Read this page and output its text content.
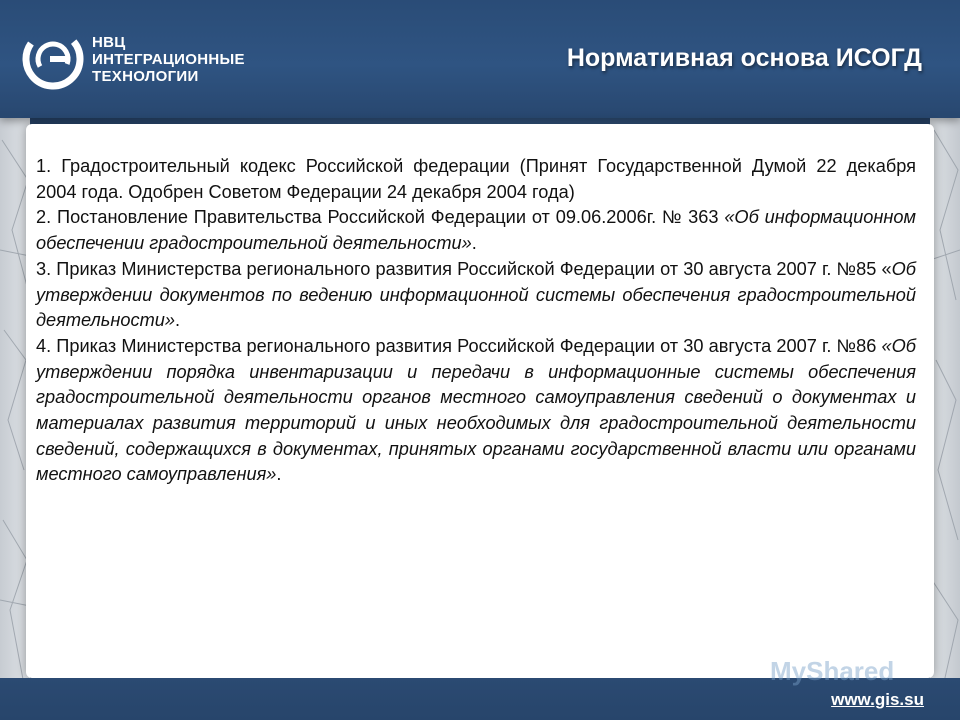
НВЦ
ИНТЕГРАЦИОННЫЕ
ТЕХНОЛОГИИ
Нормативная основа ИСОГД

1. Градостроительный кодекс Российской федерации (Принят Государственной Думой 22 декабря 2004 года. Одобрен Советом Федерации 24 декабря 2004 года)

2. Постановление Правительства Российской Федерации от 09.06.2006г. № 363 «Об информационном обеспечении градостроительной деятельности».

3. Приказ Министерства регионального развития Российской Федерации от 30 августа 2007 г. №85 «Об утверждении документов по ведению информационной системы обеспечения градостроительной деятельности».

4. Приказ Министерства регионального развития Российской Федерации от 30 августа 2007 г. №86 «Об утверждении порядка инвентаризации и передачи в информационные системы обеспечения градостроительной деятельности органов местного самоуправления сведений о документах и материалах развития территорий и иных необходимых для градостроительной деятельности сведений, содержащихся в документах, принятых органами государственной власти или органами местного самоуправления».

MyShared
www.gis.su
